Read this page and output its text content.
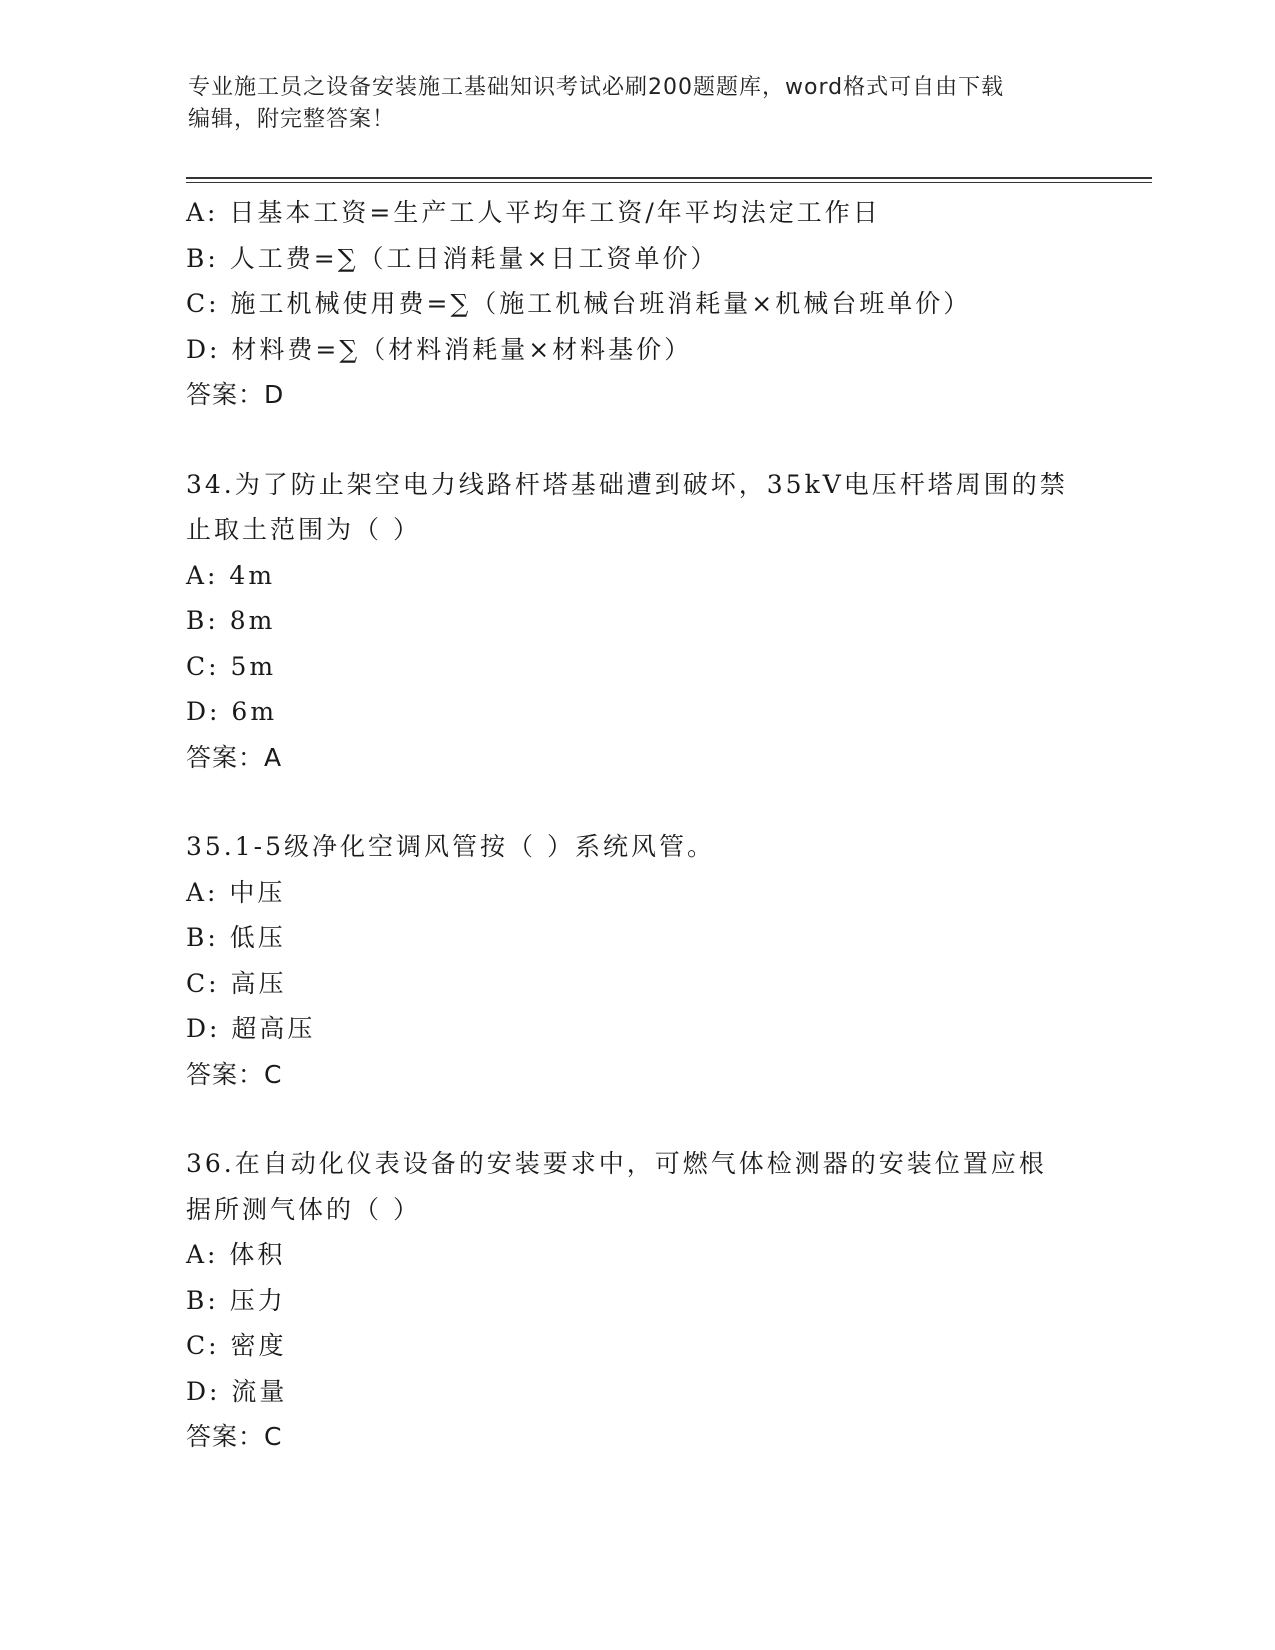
专业施工员之设备安装施工基础知识考试必刷200题题库，word格式可自由下载
编辑，附完整答案！
A: 日基本工资=生产工人平均年工资/年平均法定工作日
B: 人工费=∑（工日消耗量×日工资单价）
C: 施工机械使用费=∑（施工机械台班消耗量×机械台班单价）
D: 材料费=∑（材料消耗量×材料基价）
答案：D
34.为了防止架空电力线路杆塔基础遭到破坏，35kV电压杆塔周围的禁
止取土范围为（ ）
A: 4m
B: 8m
C: 5m
D: 6m
答案：A
35.1-5级净化空调风管按（ ）系统风管。
A: 中压
B: 低压
C: 高压
D: 超高压
答案：C
36.在自动化仪表设备的安装要求中，可燃气体检测器的安装位置应根
据所测气体的（ ）
A: 体积
B: 压力
C: 密度
D: 流量
答案：C
